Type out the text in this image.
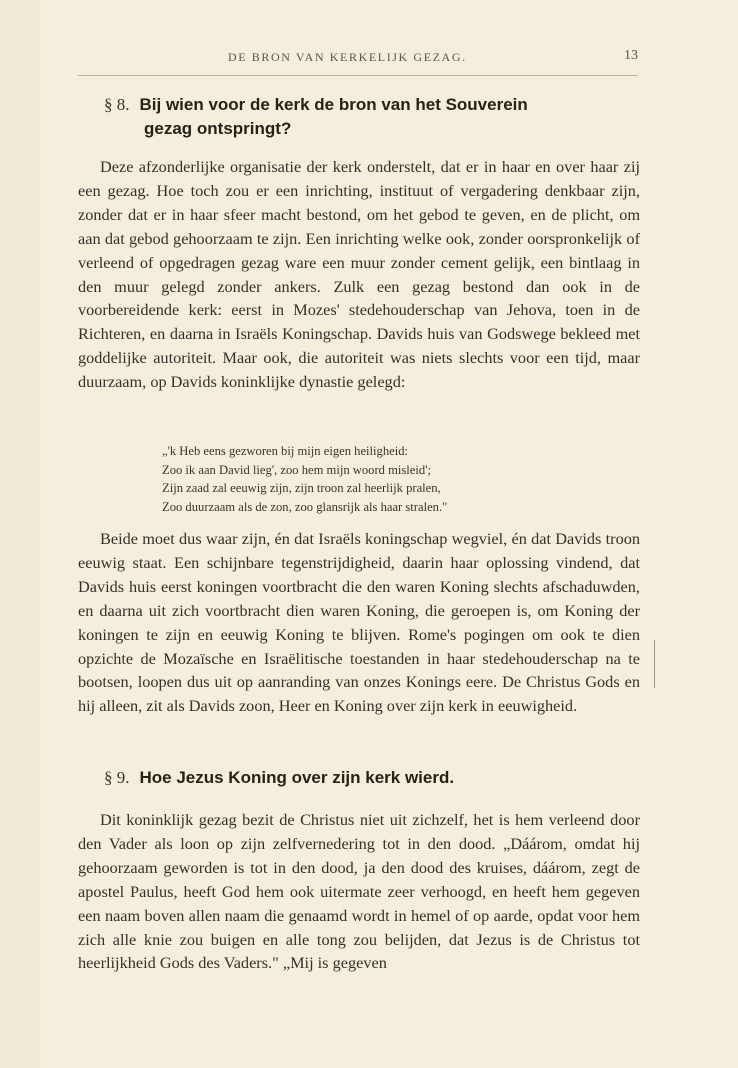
DE BRON VAN KERKELIJK GEZAG.	13
§ 8. Bij wien voor de kerk de bron van het Souverein
gezag ontspringt?

Deze afzonderlijke organisatie der kerk onderstelt, dat er in haar en over haar zij een gezag. Hoe toch zou er een inrichting, instituut of vergadering denkbaar zijn, zonder dat er in haar sfeer macht bestond, om het gebod te geven, en de plicht, om aan dat gebod gehoorzaam te zijn. Een inrichting welke ook, zonder oorspronkelijk of verleend of opgedragen gezag ware een muur zonder cement gelijk, een bintlaag in den muur gelegd zonder ankers. Zulk een gezag bestond dan ook in de voorbereidende kerk: eerst in Mozes' stedehouderschap van Jehova, toen in de Richteren, en daarna in Israëls Koningschap. Davids huis van Godswege bekleed met goddelijke autoriteit. Maar ook, die autoriteit was niets slechts voor een tijd, maar duurzaam, op Davids koninklijke dynastie gelegd:

„'k Heb eens gezworen bij mijn eigen heiligheid:
Zoo ik aan David lieg', zoo hem mijn woord misleid';
Zijn zaad zal eeuwig zijn, zijn troon zal heerlijk pralen,
Zoo duurzaam als de zon, zoo glansrijk als haar stralen."

Beide moet dus waar zijn, én dat Israëls koningschap wegviel, én dat Davids troon eeuwig staat. Een schijnbare tegenstrijdigheid, daarin haar oplossing vindend, dat Davids huis eerst koningen voortbracht die den waren Koning slechts afschaduwden, en daarna uit zich voortbracht dien waren Koning, die geroepen is, om Koning der koningen te zijn en eeuwig Koning te blijven. Rome's pogingen om ook te dien opzichte de Mozaïsche en Israëlitische toestanden in haar stedehouderschap na te bootsen, loopen dus uit op aanranding van onzes Konings eere. De Christus Gods en hij alleen, zit als Davids zoon, Heer en Koning over zijn kerk in eeuwigheid.

§ 9. Hoe Jezus Koning over zijn kerk wierd.

Dit koninklijk gezag bezit de Christus niet uit zichzelf, het is hem verleend door den Vader als loon op zijn zelfvernedering tot in den dood. „Dáárom, omdat hij gehoorzaam geworden is tot in den dood, ja den dood des kruises, dáárom, zegt de apostel Paulus, heeft God hem ook uitermate zeer verhoogd, en heeft hem gegeven een naam boven allen naam die genaamd wordt in hemel of op aarde, opdat voor hem zich alle knie zou buigen en alle tong zou belijden, dat Jezus is de Christus tot heerlijkheid Gods des Vaders." „Mij is gegeven
